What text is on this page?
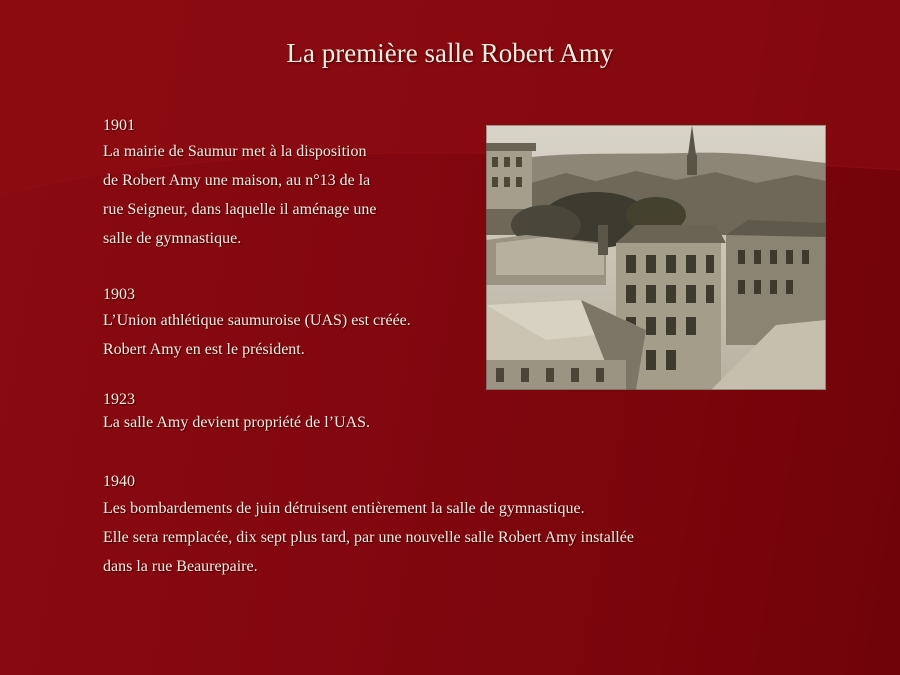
La première salle Robert Amy
1901
La mairie de Saumur met à la disposition
de Robert Amy une maison, au n°13 de la
rue Seigneur, dans laquelle il aménage une
salle de gymnastique.
1903
L’Union athlétique saumuroise (UAS) est créée.
Robert Amy en est le président.
1923
La salle Amy devient propriété de l’UAS.
1940
Les bombardements de juin détruisent entièrement la salle de gymnastique.
Elle sera remplacée, dix sept plus tard, par une nouvelle salle Robert Amy installée
dans la rue Beaurepaire.
